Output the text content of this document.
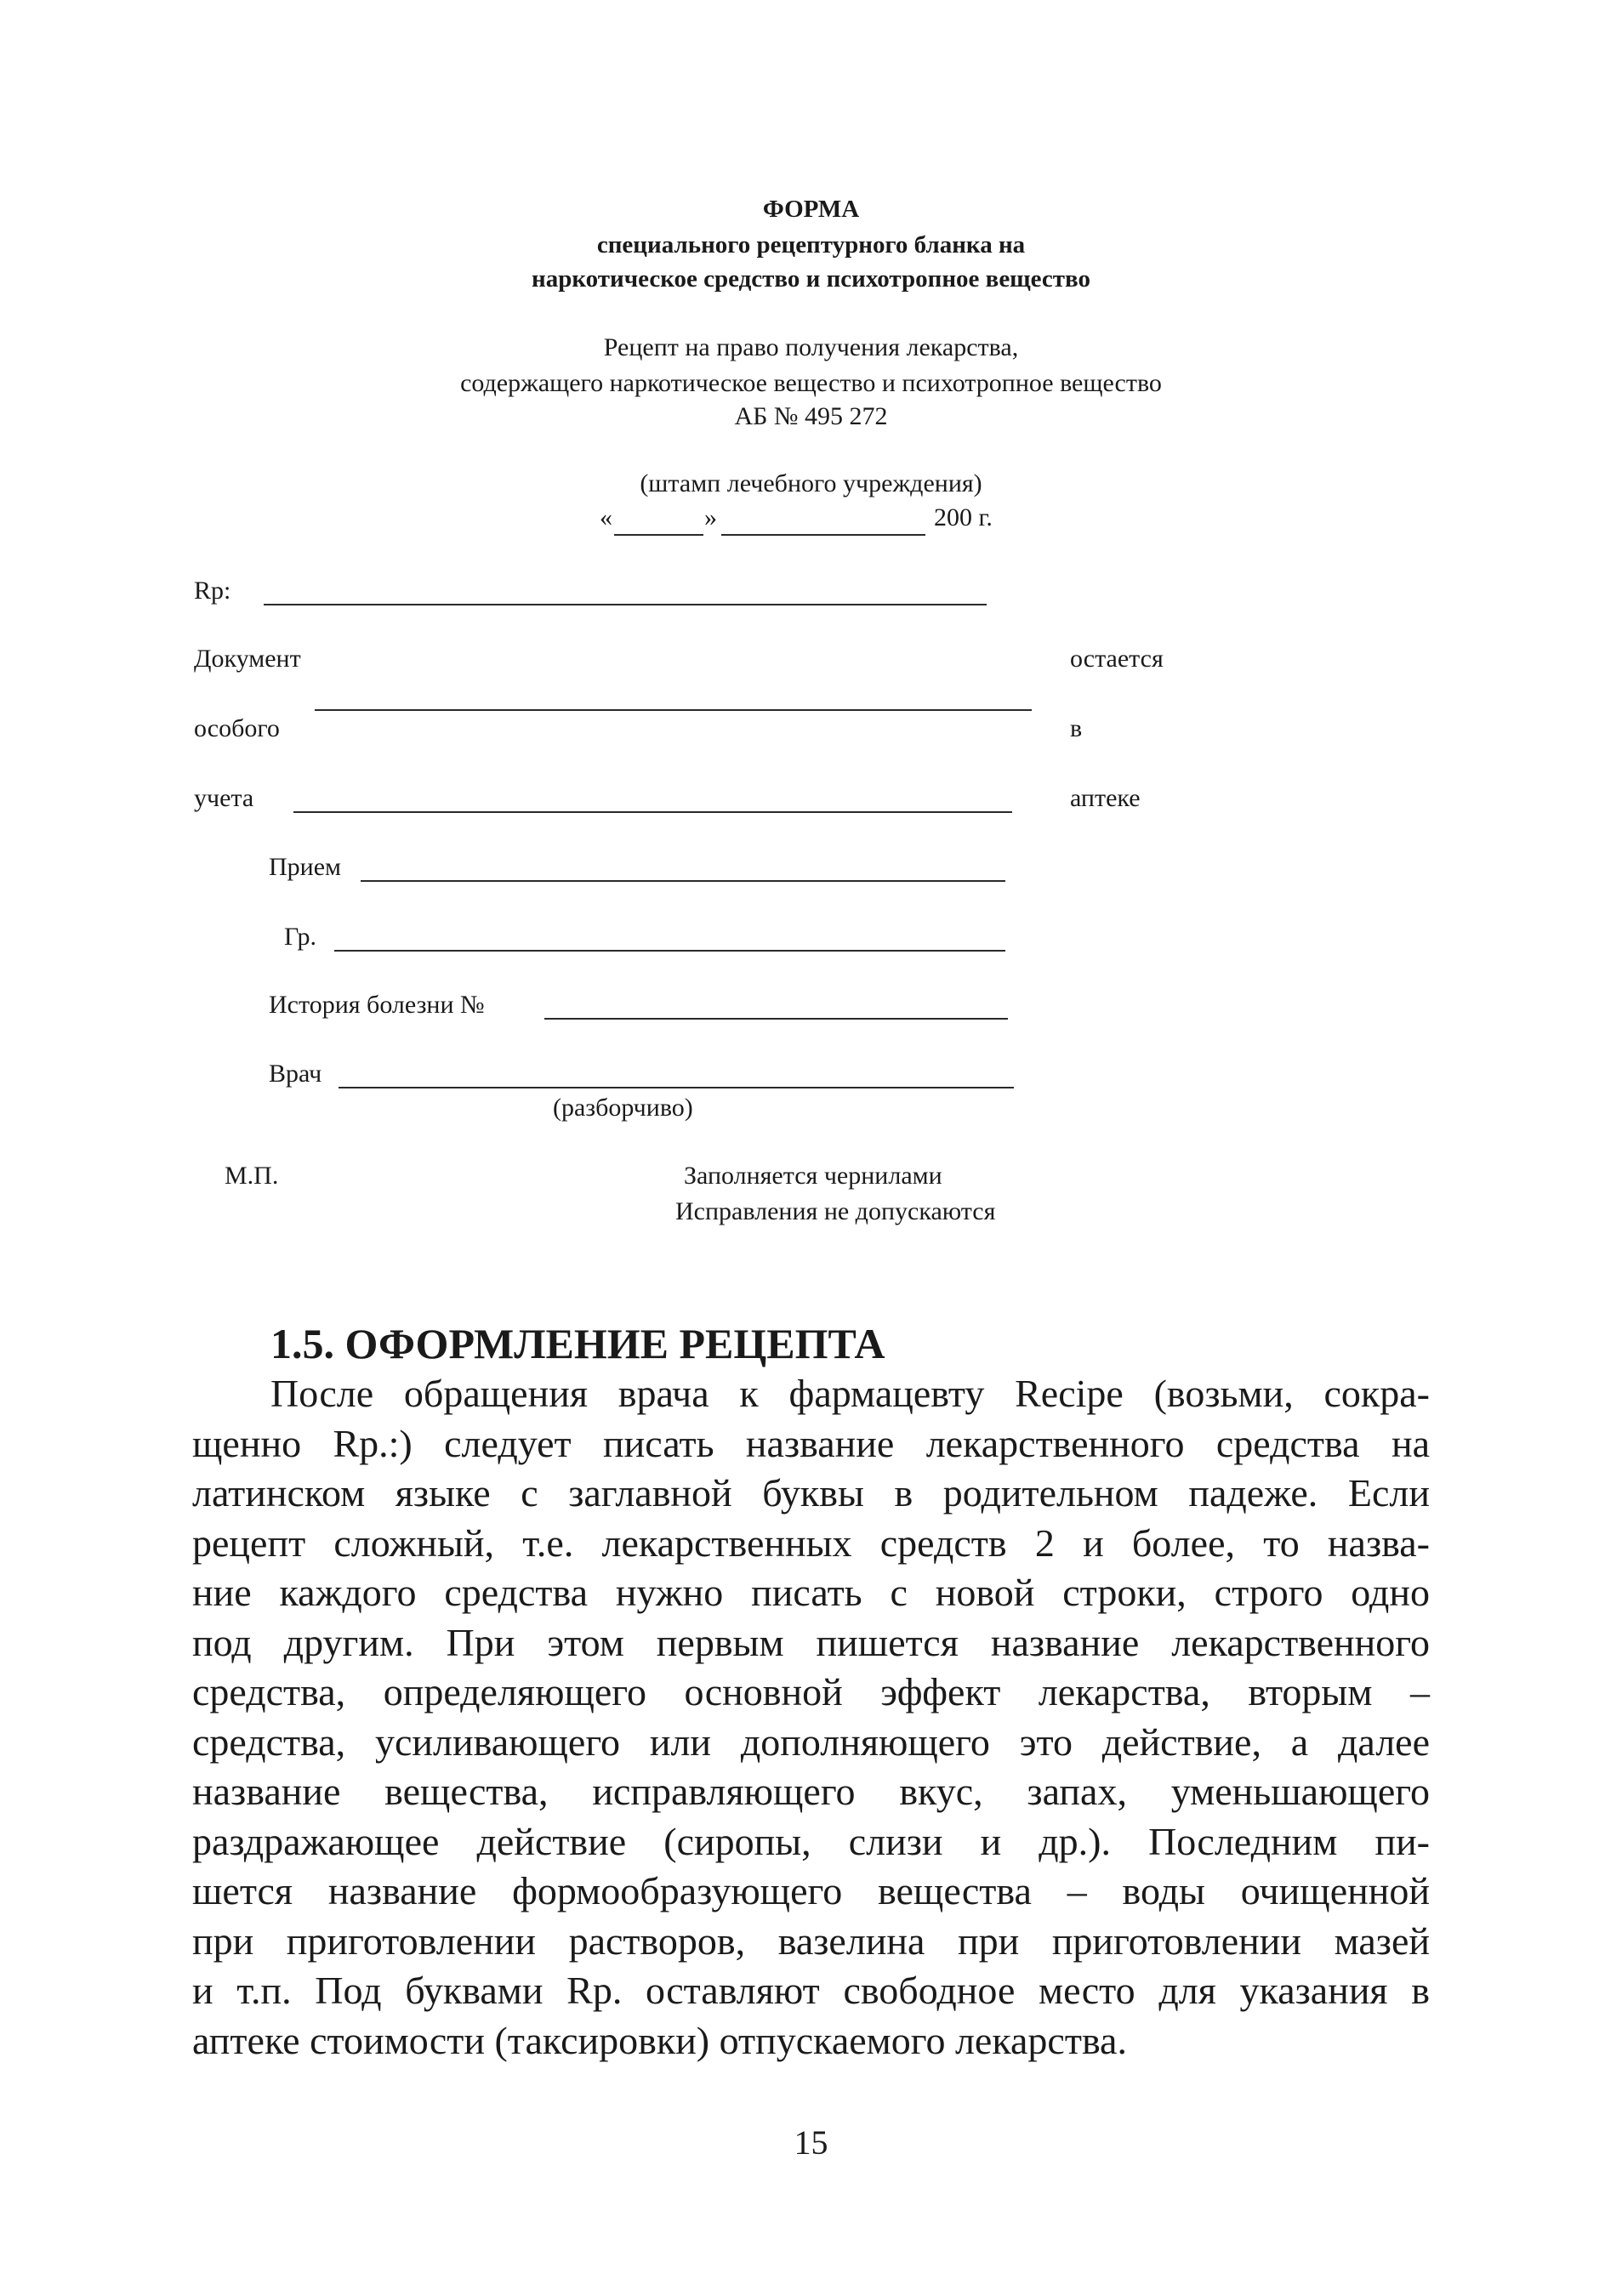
ФОРМА
специального рецептурного бланка на
наркотическое средство и психотропное вещество
Рецепт на право получения лекарства,
содержащего наркотическое вещество и психотропное вещество
АБ № 495 272
(штамп лечебного учреждения)
«	»	200 г.
Rp:
Документ	остается
особого	в
учета	аптеке
Прием
Гр.
История болезни №
Врач
(разборчиво)
М.П.	Заполняется чернилами
Исправления не допускаются
1.5. ОФОРМЛЕНИЕ РЕЦЕПТА

После обращения врача к фармацевту Recipe (возьми, сокра-

щенно Rp.:) следует писать название лекарственного средства на
латинском языке с заглавной буквы в родительном падеже. Если
рецепт сложный, т.е. лекарственных средств 2 и более, то назва-
ние каждого средства нужно писать с новой строки, строго одно
под другим. При этом первым пишется название лекарственного
средства, определяющего основной эффект лекарства, вторым –
средства, усиливающего или дополняющего это действие, а далее
название вещества, исправляющего вкус, запах, уменьшающего
раздражающее действие (сиропы, слизи и др.). Последним пи-
шется название формообразующего вещества – воды очищенной
при приготовлении растворов, вазелина при приготовлении мазей
и т.п. Под буквами Rp. оставляют свободное место для указания в
аптеке стоимости (таксировки) отпускаемого лекарства.
15
